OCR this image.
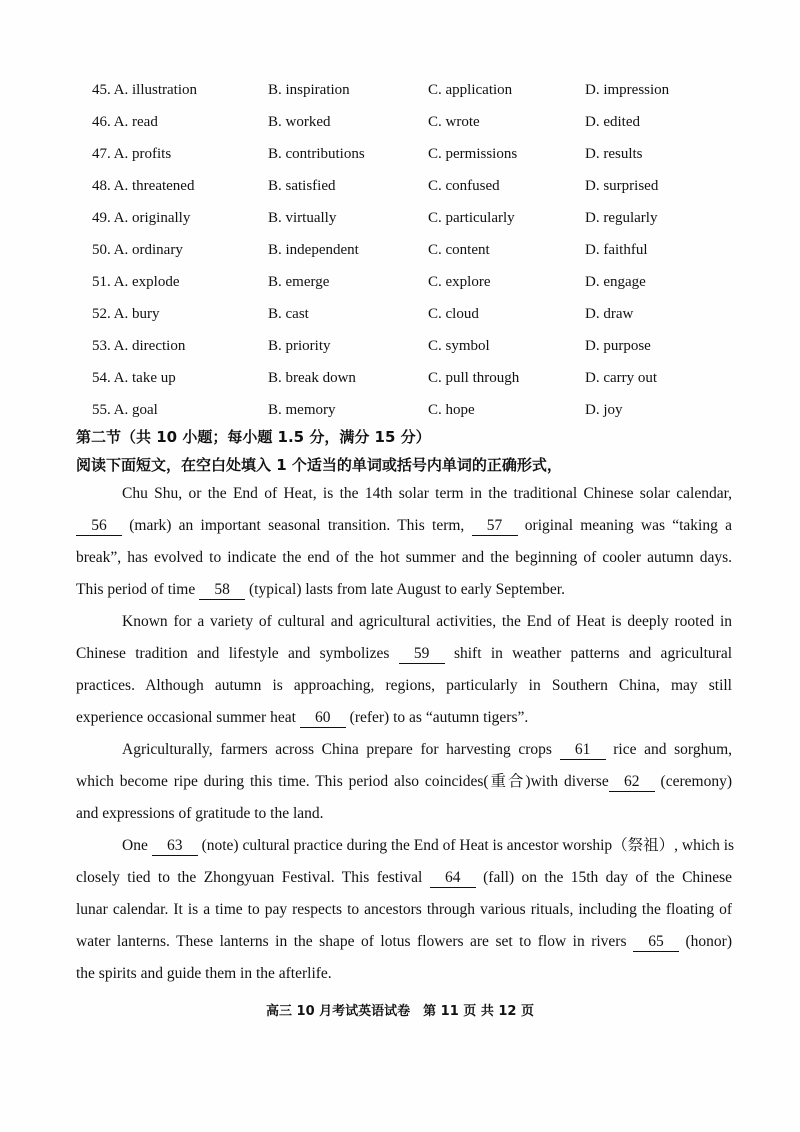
45. A. illustration	B. inspiration	C. application	D. impression
46. A. read	B. worked	C. wrote	D. edited
47. A. profits	B. contributions	C. permissions	D. results
48. A. threatened	B. satisfied	C. confused	D. surprised
49. A. originally	B. virtually	C. particularly	D. regularly
50. A. ordinary	B. independent	C. content	D. faithful
51. A. explode	B. emerge	C. explore	D. engage
52. A. bury	B. cast	C. cloud	D. draw
53. A. direction	B. priority	C. symbol	D. purpose
54. A. take up	B. break down	C. pull through	D. carry out
55. A. goal	B. memory	C. hope	D. joy
第二节（共 10 小题；每小题 1.5 分，满分 15 分）
阅读下面短文，在空白处填入 1 个适当的单词或括号内单词的正确形式，
Chu Shu, or the End of Heat, is the 14th solar term in the traditional Chinese solar calendar,
56 (mark) an important seasonal transition. This term, 57 original meaning was “taking a
break”, has evolved to indicate the end of the hot summer and the beginning of cooler autumn days.
This period of time 58 (typical) lasts from late August to early September.
Known for a variety of cultural and agricultural activities, the End of Heat is deeply rooted in
Chinese tradition and lifestyle and symbolizes 59 shift in weather patterns and agricultural
practices. Although autumn is approaching, regions, particularly in Southern China, may still
experience occasional summer heat 60 (refer) to as “autumn tigers”.
Agriculturally, farmers across China prepare for harvesting crops 61 rice and sorghum,
which become ripe during this time. This period also coincides(重合)with diverse 62 (ceremony)
and expressions of gratitude to the land.
One 63 (note) cultural practice during the End of Heat is ancestor worship（祭祖）, which is
closely tied to the Zhongyuan Festival. This festival 64 (fall) on the 15th day of the Chinese
lunar calendar. It is a time to pay respects to ancestors through various rituals, including the floating of
water lanterns. These lanterns in the shape of lotus flowers are set to flow in rivers 65 (honor)
the spirits and guide them in the afterlife.
高三 10 月考试英语试卷　第 11 页 共 12 页
